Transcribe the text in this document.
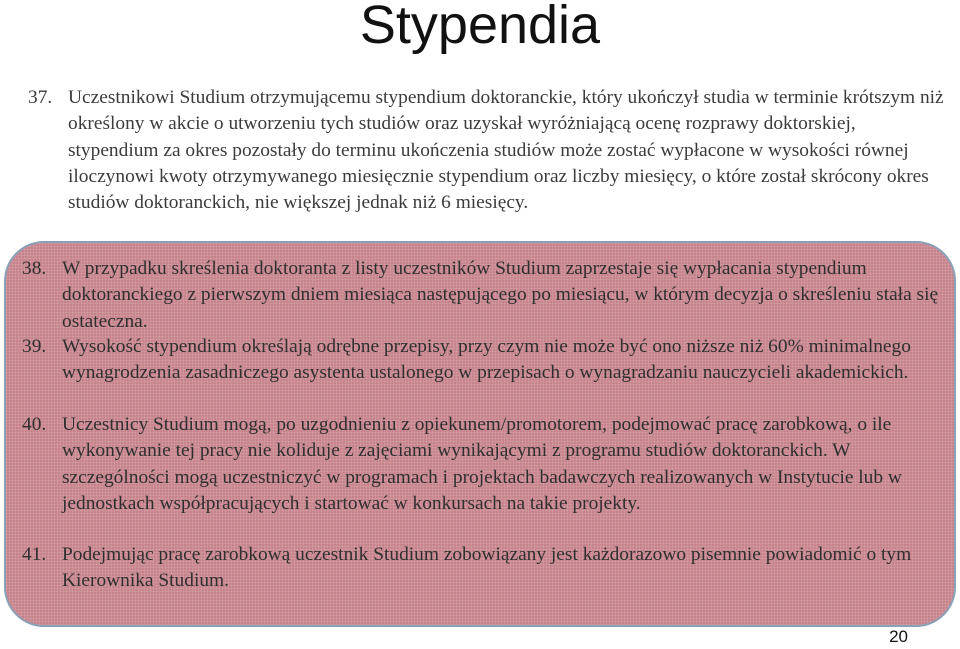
Stypendia
37. Uczestnikowi Studium otrzymującemu stypendium doktoranckie, który ukończył studia w terminie krótszym niż określony w akcie o utworzeniu tych studiów oraz uzyskał wyróżniającą ocenę rozprawy doktorskiej, stypendium za okres pozostały do terminu ukończenia studiów może zostać wypłacone w wysokości równej iloczynowi kwoty otrzymywanego miesięcznie stypendium oraz liczby miesięcy, o które został skrócony okres studiów doktoranckich, nie większej jednak niż 6 miesięcy.
38. W przypadku skreślenia doktoranta z listy uczestników Studium zaprzestaje się wypłacania stypendium doktoranckiego z pierwszym dniem miesiąca następującego po miesiącu, w którym decyzja o skreśleniu stała się ostateczna.
39. Wysokość stypendium określają odrębne przepisy, przy czym nie może być ono niższe niż 60% minimalnego wynagrodzenia zasadniczego asystenta ustalonego w przepisach o wynagradzaniu nauczycieli akademickich.
40. Uczestnicy Studium mogą, po uzgodnieniu z opiekunem/promotorem, podejmować pracę zarobkową, o ile wykonywanie tej pracy nie koliduje z zajęciami wynikającymi z programu studiów doktoranckich. W szczególności mogą uczestniczyć w programach i projektach badawczych realizowanych w Instytucie lub w jednostkach współpracujących i startować w konkursach na takie projekty.
41. Podejmując pracę zarobkową uczestnik Studium zobowiązany jest każdorazowo pisemnie powiadomić o tym Kierownika Studium.
20
